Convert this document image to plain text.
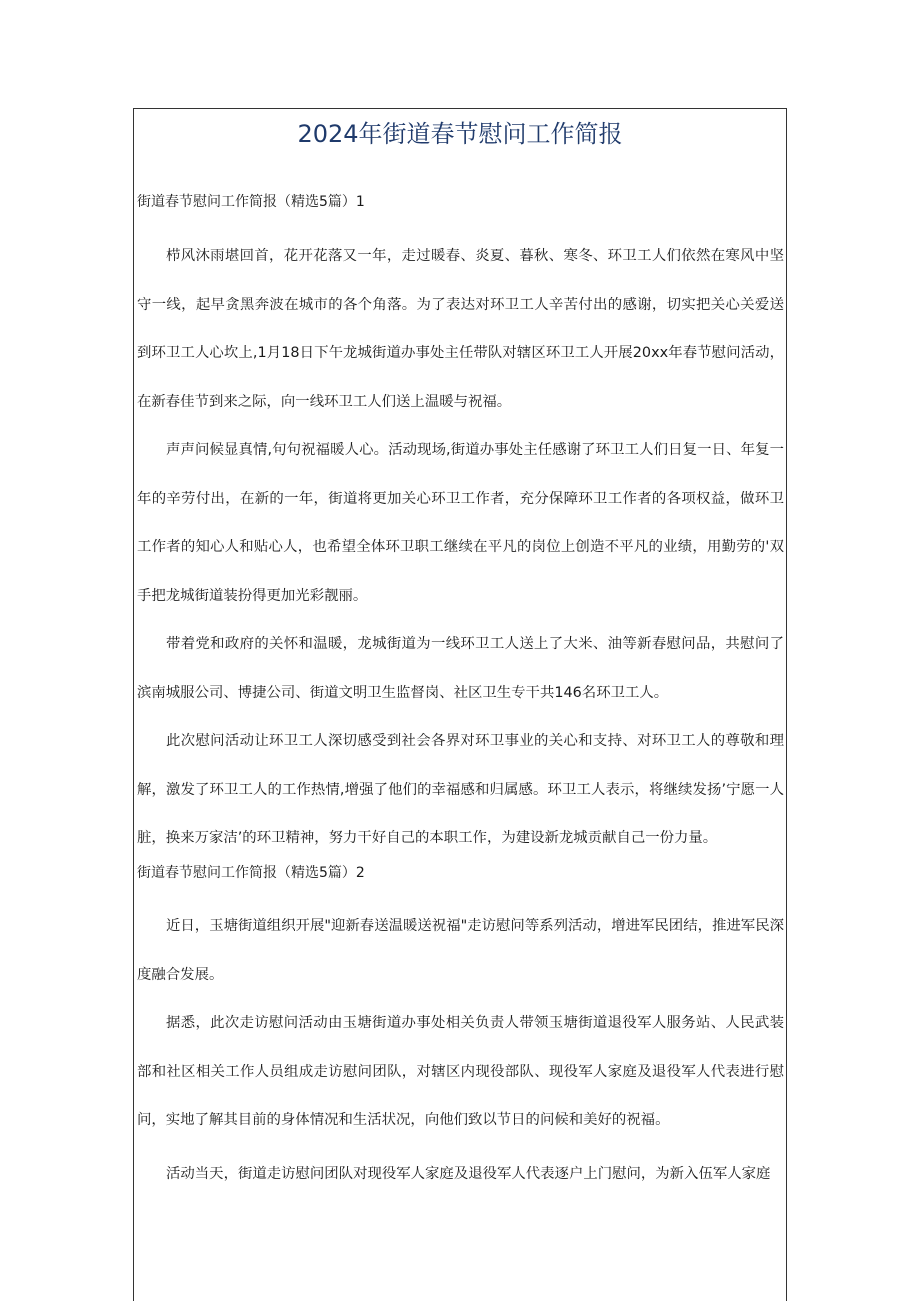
2024年街道春节慰问工作简报
街道春节慰问工作简报（精选5篇）1

栉风沐雨堪回首，花开花落又一年，走过暖春、炎夏、暮秋、寒冬、环卫工人们依然在寒风中坚守一线，起早贪黑奔波在城市的各个角落。为了表达对环卫工人辛苦付出的感谢，切实把关心关爱送到环卫工人心坎上,1月18日下午龙城街道办事处主任带队对辖区环卫工人开展20xx年春节慰问活动，在新春佳节到来之际，向一线环卫工人们送上温暖与祝福。

声声问候显真情,句句祝福暖人心。活动现场,街道办事处主任感谢了环卫工人们日复一日、年复一年的辛劳付出，在新的一年，街道将更加关心环卫工作者，充分保障环卫工作者的各项权益，做环卫工作者的知心人和贴心人，也希望全体环卫职工继续在平凡的岗位上创造不平凡的业绩，用勤劳的'双手把龙城街道装扮得更加光彩靓丽。

带着党和政府的关怀和温暖，龙城街道为一线环卫工人送上了大米、油等新春慰问品，共慰问了滨南城服公司、博捷公司、街道文明卫生监督岗、社区卫生专干共146名环卫工人。

此次慰问活动让环卫工人深切感受到社会各界对环卫事业的关心和支持、对环卫工人的尊敬和理解，激发了环卫工人的工作热情,增强了他们的幸福感和归属感。环卫工人表示，将继续发扬’宁愿一人脏，换来万家洁’的环卫精神，努力干好自己的本职工作，为建设新龙城贡献自己一份力量。

街道春节慰问工作简报（精选5篇）2

近日，玉塘街道组织开展"迎新春送温暖送祝福"走访慰问等系列活动，增进军民团结，推进军民深度融合发展。

据悉，此次走访慰问活动由玉塘街道办事处相关负责人带领玉塘街道退役军人服务站、人民武装部和社区相关工作人员组成走访慰问团队，对辖区内现役部队、现役军人家庭及退役军人代表进行慰问，实地了解其目前的身体情况和生活状况，向他们致以节日的问候和美好的祝福。

活动当天，街道走访慰问团队对现役军人家庭及退役军人代表逐户上门慰问，为新入伍军人家庭
